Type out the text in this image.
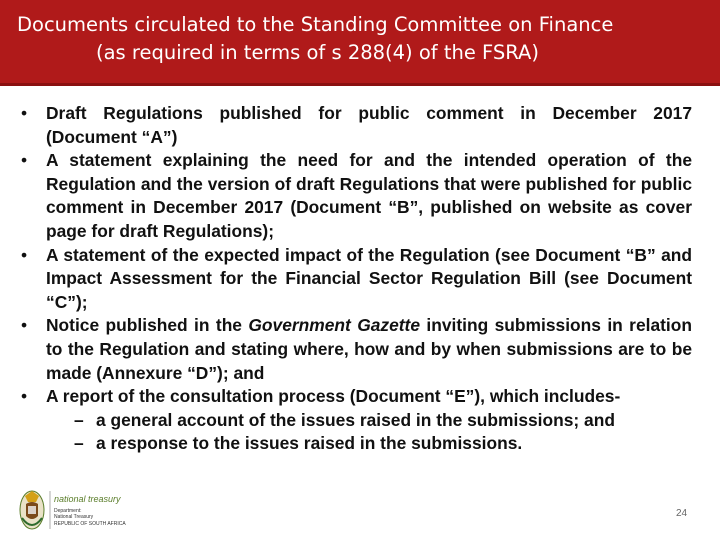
Documents circulated to the Standing Committee on Finance
(as required in terms of s 288(4) of the FSRA)
• Draft Regulations published for public comment in December 2017 (Document “A”)
• A statement explaining the need for and the intended operation of the Regulation and the version of draft Regulations that were published for public comment in December 2017 (Document “B”, published on website as cover page for draft Regulations);
• A statement of the expected impact of the Regulation (see Document “B” and Impact Assessment for the Financial Sector Regulation Bill (see Document “C”);
• Notice published in the Government Gazette inviting submissions in relation to the Regulation and stating where, how and by when submissions are to be made (Annexure “D”); and
• A report of the consultation process (Document “E”), which includes-
– a general account of the issues raised in the submissions; and
– a response to the issues raised in the submissions.
national treasury
Department:
National Treasury
REPUBLIC OF SOUTH AFRICA
24
